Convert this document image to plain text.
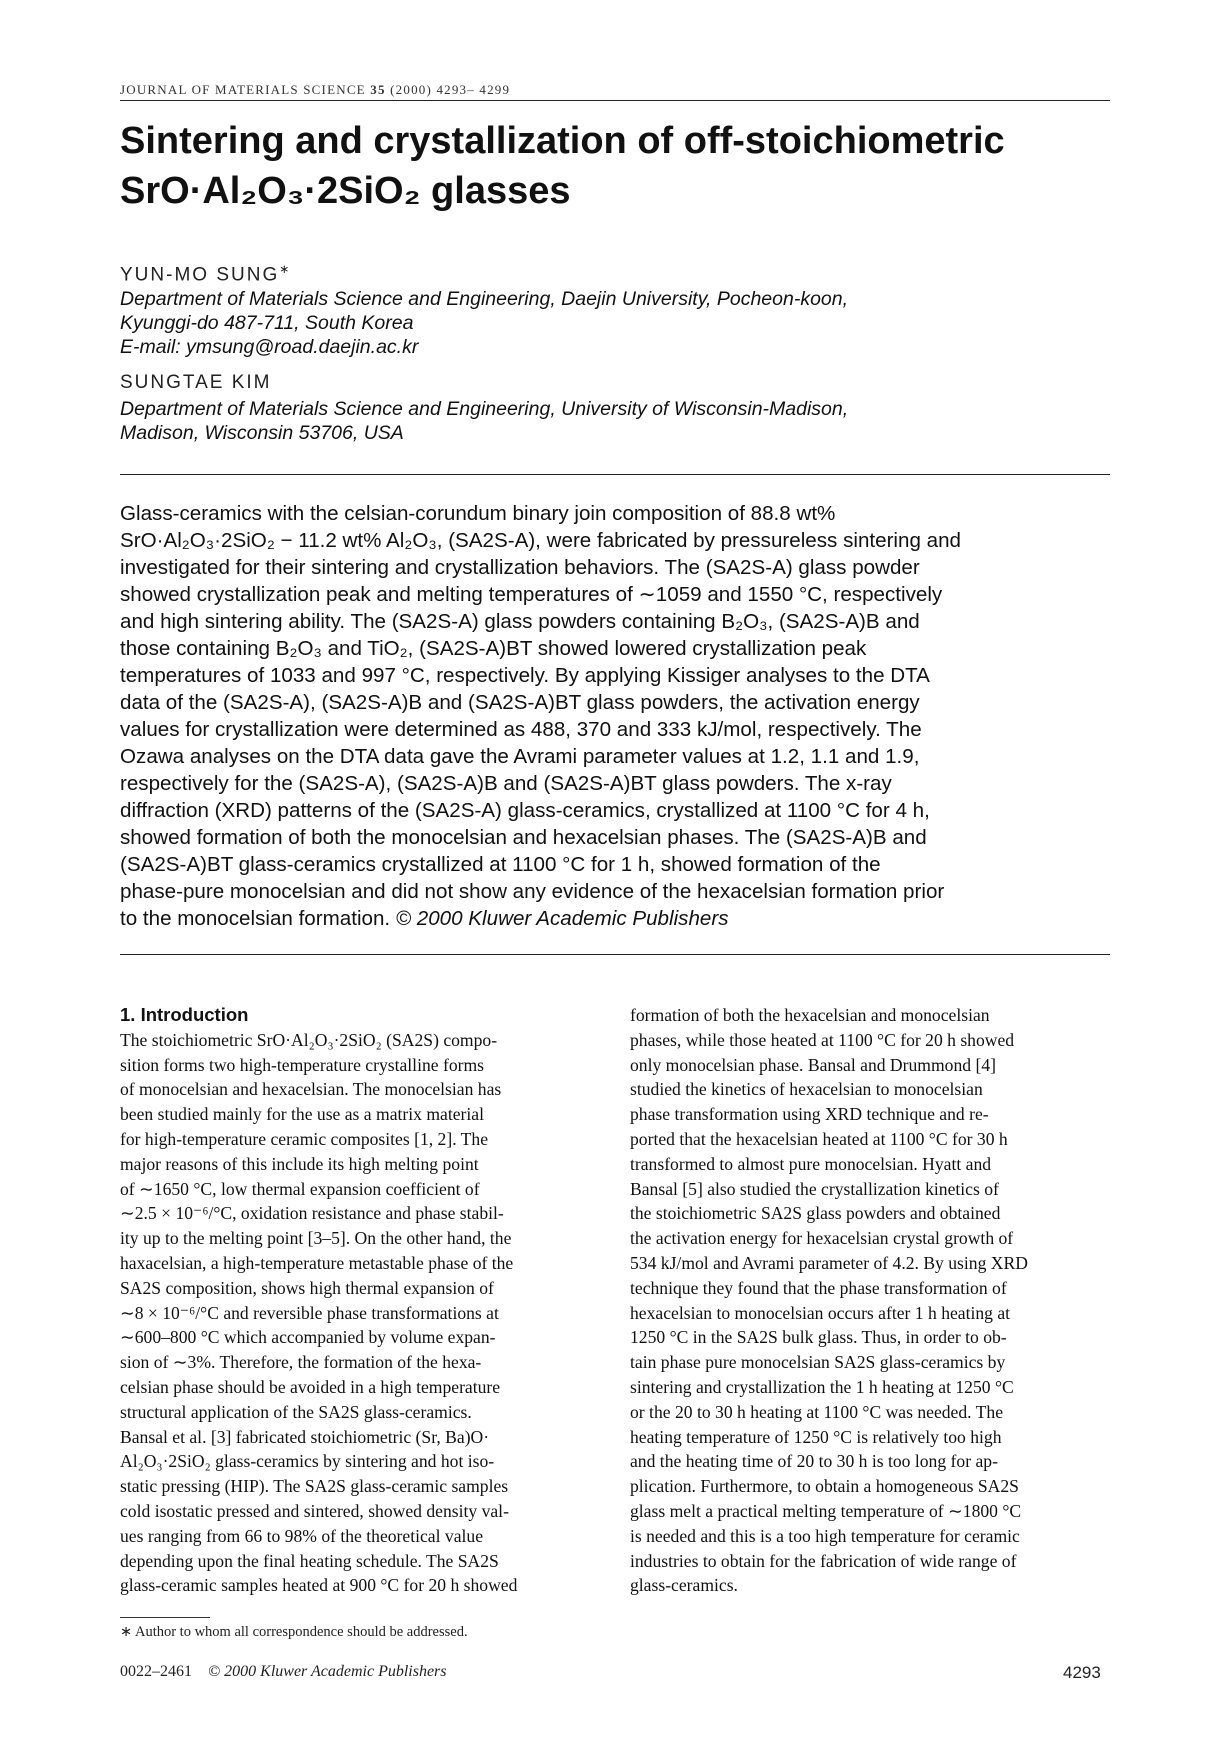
JOURNAL OF MATERIALS SCIENCE 35 (2000) 4293– 4299
Sintering and crystallization of off-stoichiometric
SrO·Al₂O₃·2SiO₂ glasses
YUN-MO SUNG∗
Department of Materials Science and Engineering, Daejin University, Pocheon-koon,
Kyunggi-do 487-711, South Korea
E-mail: ymsung@road.daejin.ac.kr
SUNGTAE KIM
Department of Materials Science and Engineering, University of Wisconsin-Madison,
Madison, Wisconsin 53706, USA
Glass-ceramics with the celsian-corundum binary join composition of 88.8 wt%
SrO·Al₂O₃·2SiO₂ − 11.2 wt% Al₂O₃, (SA2S-A), were fabricated by pressureless sintering and
investigated for their sintering and crystallization behaviors. The (SA2S-A) glass powder
showed crystallization peak and melting temperatures of ∼1059 and 1550 °C, respectively
and high sintering ability. The (SA2S-A) glass powders containing B₂O₃, (SA2S-A)B and
those containing B₂O₃ and TiO₂, (SA2S-A)BT showed lowered crystallization peak
temperatures of 1033 and 997 °C, respectively. By applying Kissiger analyses to the DTA
data of the (SA2S-A), (SA2S-A)B and (SA2S-A)BT glass powders, the activation energy
values for crystallization were determined as 488, 370 and 333 kJ/mol, respectively. The
Ozawa analyses on the DTA data gave the Avrami parameter values at 1.2, 1.1 and 1.9,
respectively for the (SA2S-A), (SA2S-A)B and (SA2S-A)BT glass powders. The x-ray
diffraction (XRD) patterns of the (SA2S-A) glass-ceramics, crystallized at 1100 °C for 4 h,
showed formation of both the monocelsian and hexacelsian phases. The (SA2S-A)B and
(SA2S-A)BT glass-ceramics crystallized at 1100 °C for 1 h, showed formation of the
phase-pure monocelsian and did not show any evidence of the hexacelsian formation prior
to the monocelsian formation. © 2000 Kluwer Academic Publishers
1. Introduction
The stoichiometric SrO·Al₂O₃·2SiO₂ (SA2S) compo-
sition forms two high-temperature crystalline forms
of monocelsian and hexacelsian. The monocelsian has
been studied mainly for the use as a matrix material
for high-temperature ceramic composites [1, 2]. The
major reasons of this include its high melting point
of ∼1650 °C, low thermal expansion coefficient of
∼2.5 × 10⁻⁶/°C, oxidation resistance and phase stabil-
ity up to the melting point [3–5]. On the other hand, the
haxacelsian, a high-temperature metastable phase of the
SA2S composition, shows high thermal expansion of
∼8 × 10⁻⁶/°C and reversible phase transformations at
∼600–800 °C which accompanied by volume expan-
sion of ∼3%. Therefore, the formation of the hexa-
celsian phase should be avoided in a high temperature
structural application of the SA2S glass-ceramics.
Bansal et al. [3] fabricated stoichiometric (Sr, Ba)O·
Al₂O₃·2SiO₂ glass-ceramics by sintering and hot iso-
static pressing (HIP). The SA2S glass-ceramic samples
cold isostatic pressed and sintered, showed density val-
ues ranging from 66 to 98% of the theoretical value
depending upon the final heating schedule. The SA2S
glass-ceramic samples heated at 900 °C for 20 h showed
formation of both the hexacelsian and monocelsian
phases, while those heated at 1100 °C for 20 h showed
only monocelsian phase. Bansal and Drummond [4]
studied the kinetics of hexacelsian to monocelsian
phase transformation using XRD technique and re-
ported that the hexacelsian heated at 1100 °C for 30 h
transformed to almost pure monocelsian. Hyatt and
Bansal [5] also studied the crystallization kinetics of
the stoichiometric SA2S glass powders and obtained
the activation energy for hexacelsian crystal growth of
534 kJ/mol and Avrami parameter of 4.2. By using XRD
technique they found that the phase transformation of
hexacelsian to monocelsian occurs after 1 h heating at
1250 °C in the SA2S bulk glass. Thus, in order to ob-
tain phase pure monocelsian SA2S glass-ceramics by
sintering and crystallization the 1 h heating at 1250 °C
or the 20 to 30 h heating at 1100 °C was needed. The
heating temperature of 1250 °C is relatively too high
and the heating time of 20 to 30 h is too long for ap-
plication. Furthermore, to obtain a homogeneous SA2S
glass melt a practical melting temperature of ∼1800 °C
is needed and this is a too high temperature for ceramic
industries to obtain for the fabrication of wide range of
glass-ceramics.
∗ Author to whom all correspondence should be addressed.
0022–2461 © 2000 Kluwer Academic Publishers	4293
